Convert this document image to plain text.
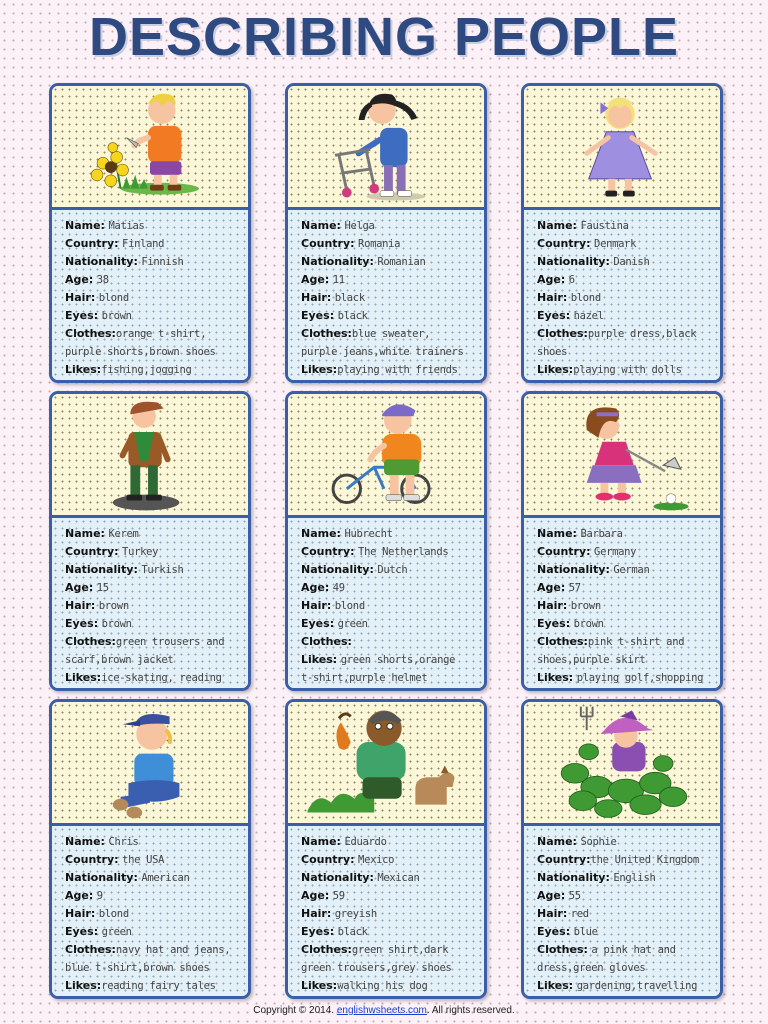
DESCRIBING PEOPLE
Name: Matias
Country: Finland
Nationality: Finnish
Age: 38
Hair: blond
Eyes: brown
Clothes:orange t-shirt,
purple shorts,brown shoes
Likes:fishing,jogging
Name: Helga
Country: Romania
Nationality: Romanian
Age: 11
Hair: black
Eyes: black
Clothes:blue sweater,
purple jeans,white trainers
Likes:playing with friends
Name: Faustina
Country: Denmark
Nationality: Danish
Age: 6
Hair: blond
Eyes: hazel
Clothes:purple dress,black
shoes
Likes:playing with dolls
Name: Kerem
Country: Turkey
Nationality: Turkish
Age: 15
Hair: brown
Eyes: brown
Clothes:green trousers and
scarf,brown jacket
Likes:ice-skating, reading
Name: Hubrecht
Country: The Netherlands
Nationality: Dutch
Age: 49
Hair: blond
Eyes: green
Clothes:
Likes: green shorts,orange
t-shirt,purple helmet
Name: Barbara
Country: Germany
Nationality: German
Age: 57
Hair: brown
Eyes: brown
Clothes:pink t-shirt and
shoes,purple skirt
Likes: playing golf,shopping
Name: Chris
Country: the USA
Nationality: American
Age: 9
Hair: blond
Eyes: green
Clothes:navy hat and jeans,
blue t-shirt,brown shoes
Likes:reading fairy tales
Name: Eduardo
Country: Mexico
Nationality: Mexican
Age: 59
Hair: greyish
Eyes: black
Clothes:green shirt,dark
green trousers,grey shoes
Likes:walking his dog
Name: Sophie
Country:the United Kingdom
Nationality: English
Age: 55
Hair: red
Eyes: blue
Clothes: a pink hat and
dress,green gloves
Likes: gardening,travelling
Copyright © 2014. englishwsheets.com. All rights reserved.
